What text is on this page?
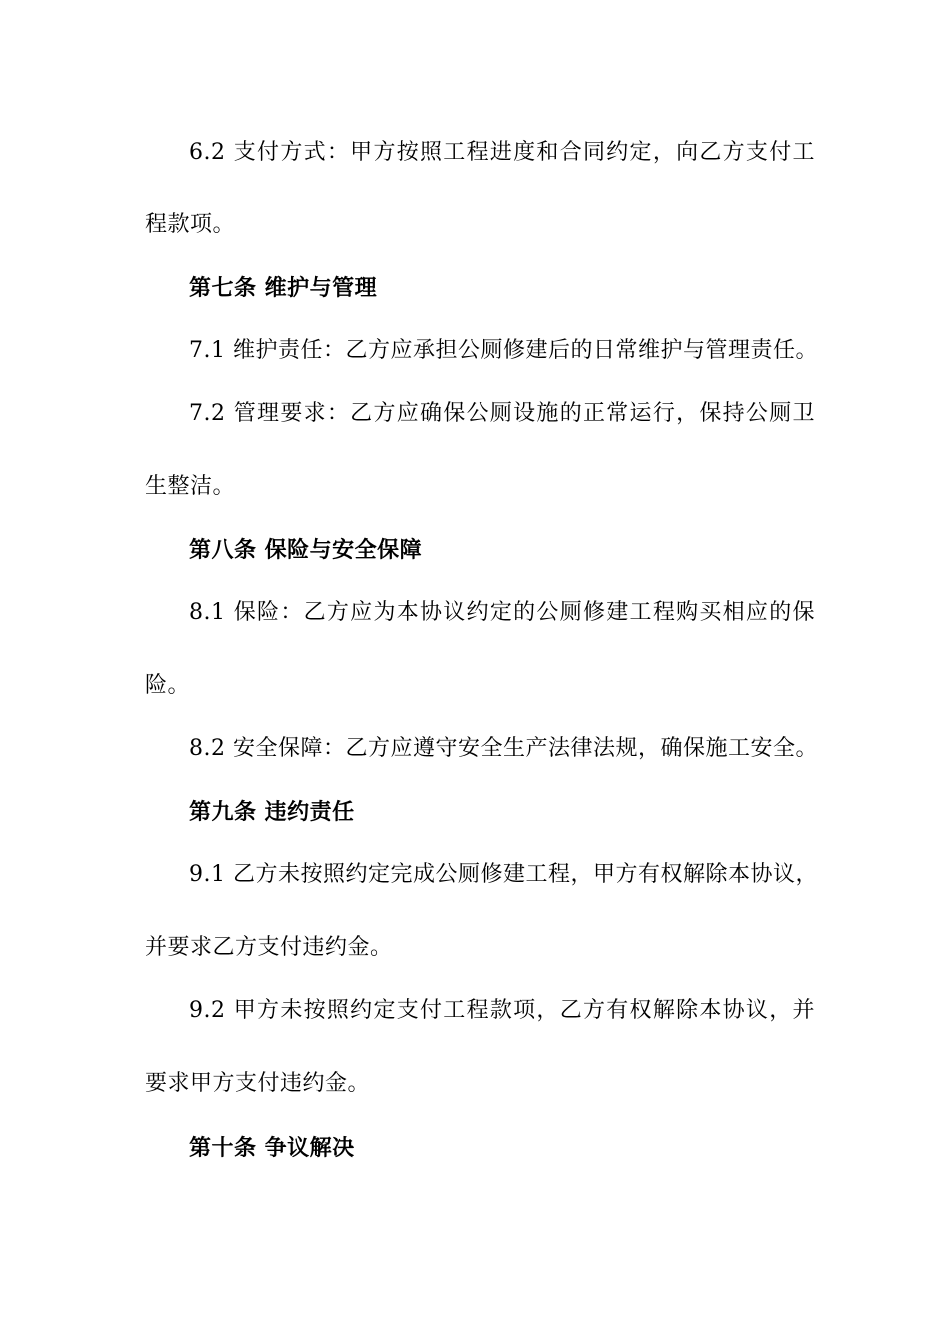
6.2 支付方式：甲方按照工程进度和合同约定，向乙方支付工
程款项。
第七条 维护与管理
7.1 维护责任：乙方应承担公厕修建后的日常维护与管理责任。
7.2 管理要求：乙方应确保公厕设施的正常运行，保持公厕卫
生整洁。
第八条 保险与安全保障
8.1 保险：乙方应为本协议约定的公厕修建工程购买相应的保
险。
8.2 安全保障：乙方应遵守安全生产法律法规，确保施工安全。
第九条 违约责任
9.1 乙方未按照约定完成公厕修建工程，甲方有权解除本协议，
并要求乙方支付违约金。
9.2 甲方未按照约定支付工程款项，乙方有权解除本协议，并
要求甲方支付违约金。
第十条 争议解决
